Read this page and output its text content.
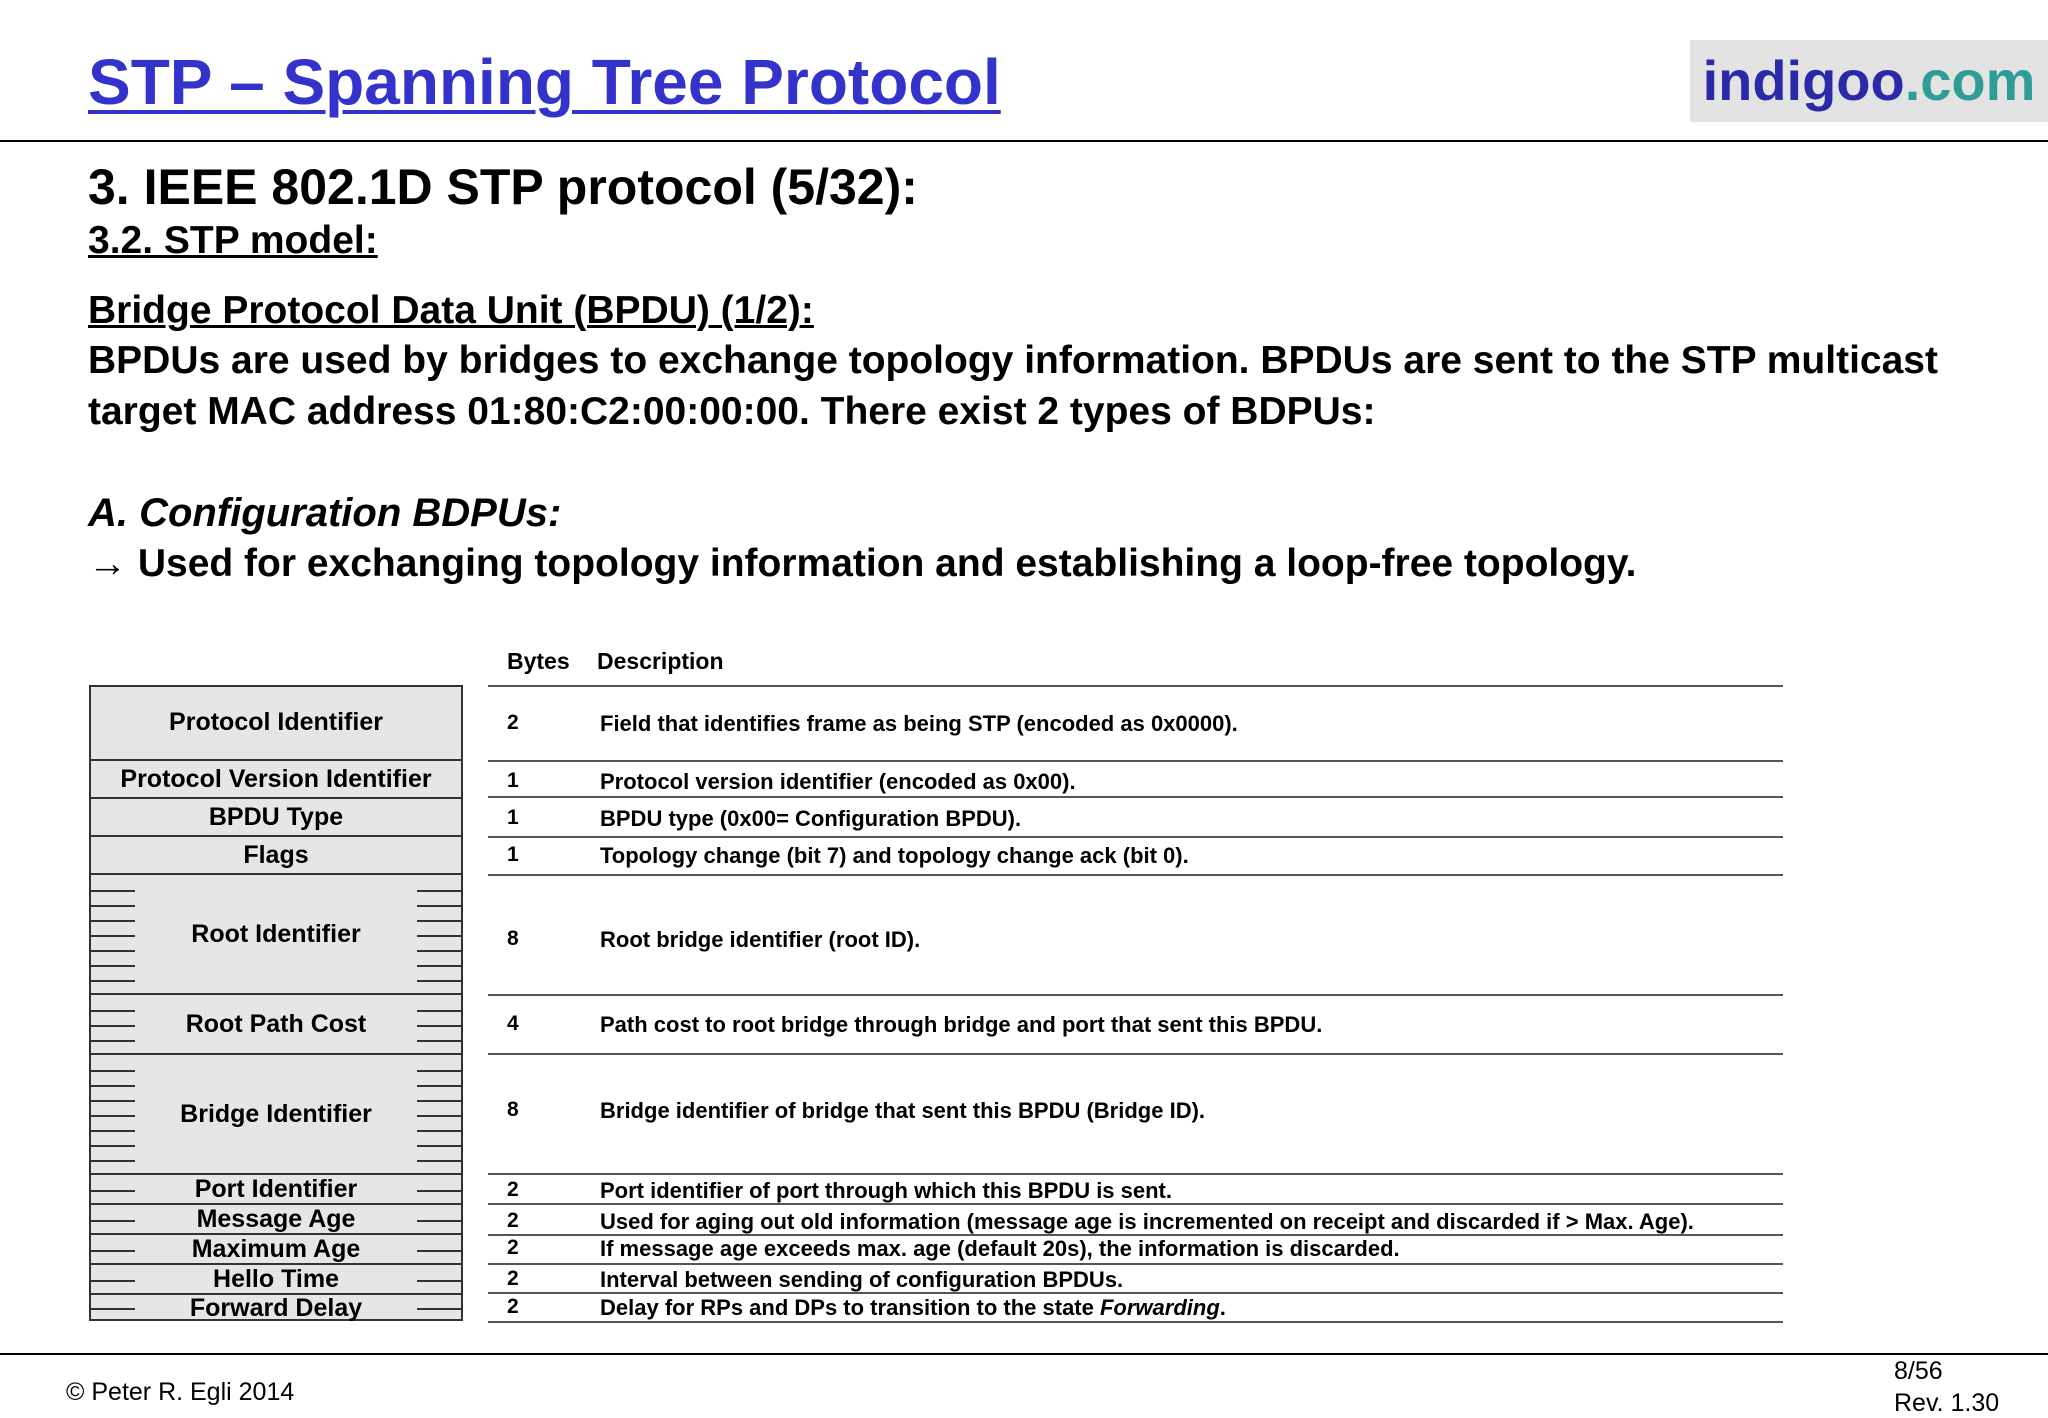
STP – Spanning Tree Protocol	indigoo.com
3. IEEE 802.1D STP protocol (5/32):
3.2. STP model:
Bridge Protocol Data Unit (BPDU) (1/2):
BPDUs are used by bridges to exchange topology information. BPDUs are sent to the STP multicast target MAC address 01:80:C2:00:00:00. There exist 2 types of BDPUs:
A. Configuration BDPUs:
→ Used for exchanging topology information and establishing a loop-free topology.
Bytes Description
Protocol Identifier
Protocol Version Identifier
BPDU Type
Flags
Root Identifier
Root Path Cost
Bridge Identifier
Port Identifier
Message Age
Maximum Age
Hello Time
Forward Delay
2
1
1
1
8
4
8
2
2
2
2
2
Field that identifies frame as being STP (encoded as 0x0000).
Protocol version identifier (encoded as 0x00).
BPDU type (0x00= Configuration BPDU).
Topology change (bit 7) and topology change ack (bit 0).
Root bridge identifier (root ID).
Path cost to root bridge through bridge and port that sent this BPDU.
Bridge identifier of bridge that sent this BPDU (Bridge ID).
Port identifier of port through which this BPDU is sent.
Used for aging out old information (message age is incremented on receipt and discarded if > Max. Age).
If message age exceeds max. age (default 20s), the information is discarded.
Interval between sending of configuration BPDUs.
Delay for RPs and DPs to transition to the state Forwarding.
© Peter R. Egli 2014
8/56
Rev. 1.30
